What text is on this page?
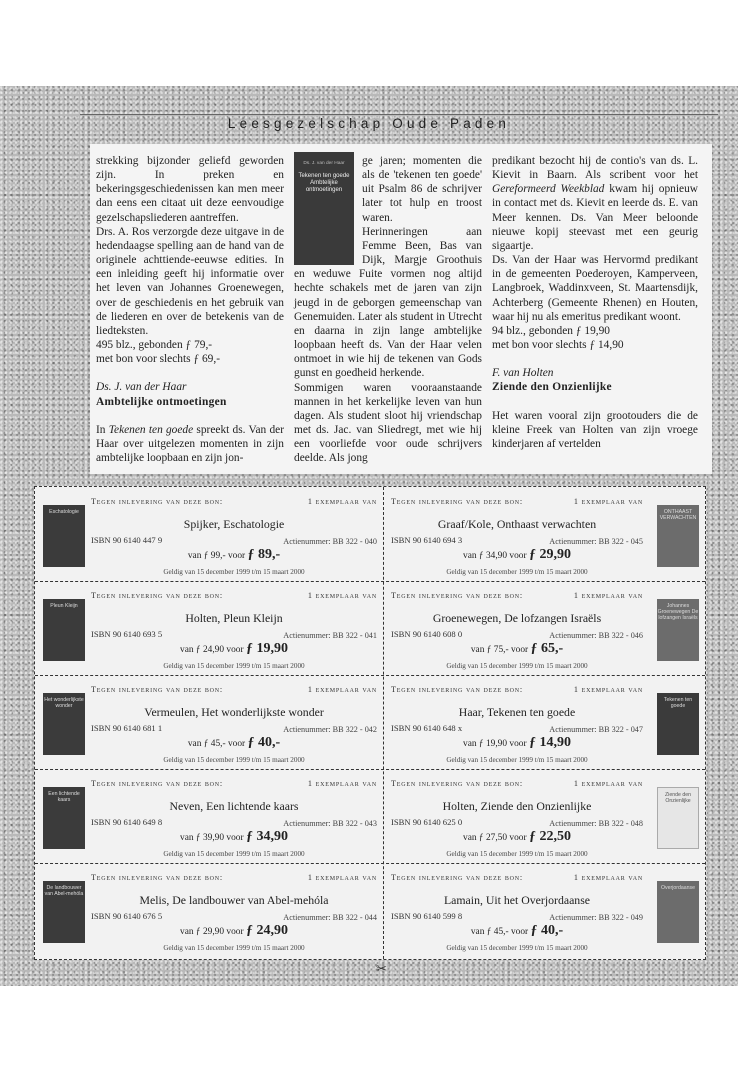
Leesgezelschap Oude Paden

strekking bijzonder geliefd geworden zijn. In preken en bekeringsgeschiedenissen kan men meer dan eens een citaat uit deze eenvoudige gezelschapsliederen aantreffen.

Drs. A. Ros verzorgde deze uitgave in de hedendaagse spelling aan de hand van de originele achttiende-eeuwse edities. In een inleiding geeft hij informatie over het leven van Johannes Groenewegen, over de geschiedenis en het gebruik van de liederen en over de betekenis van de liedteksten.

495 blz., gebonden ƒ 79,-

met bon voor slechts ƒ 69,-

Ds. J. van der Haar

Ambtelijke ontmoetingen

In Tekenen ten goede spreekt ds. Van der Haar over uitgelezen momenten in zijn ambtelijke loopbaan en zijn jon-

Ds. J. van der Haar
Tekenen ten goede Ambtelijke ontmoetingen

ge jaren; momenten die als de 'tekenen ten goede' uit Psalm 86 de schrijver later tot hulp en troost waren.

Herinneringen aan Femme Been, Bas van Dijk, Margje Groothuis en weduwe Fuite vormen nog altijd hechte schakels met de jaren van zijn jeugd in de geborgen gemeenschap van Genemuiden. Later als student in Utrecht en daarna in zijn lange ambtelijke loopbaan heeft ds. Van der Haar velen ontmoet in wie hij de tekenen van Gods gunst en goedheid herkende.

Sommigen waren vooraanstaande mannen in het kerkelijke leven van hun dagen. Als student sloot hij vriendschap met ds. Jac. van Sliedregt, met wie hij een voorliefde voor oude schrijvers deelde. Als jong

predikant bezocht hij de contio's van ds. L. Kievit in Baarn. Als scribent voor het Gereformeerd Weekblad kwam hij opnieuw in contact met ds. Kievit en leerde ds. E. van Meer kennen. Ds. Van Meer beloonde nieuwe kopij steevast met een geurig sigaartje.

Ds. Van der Haar was Hervormd predikant in de gemeenten Poederoyen, Kamperveen, Langbroek, Waddinxveen, St. Maartensdijk, Achterberg (Gemeente Rhenen) en Houten, waar hij nu als emeritus predikant woont.

94 blz., gebonden ƒ 19,90

met bon voor slechts ƒ 14,90

F. van Holten

Ziende den Onzienlijke

Het waren vooral zijn grootouders die de kleine Freek van Holten van zijn vroege kinderjaren af vertelden

Tegen inlevering van deze bon:	1 exemplaar van
Spijker, Eschatologie
ISBN 90 6140 447 9	Actienummer: BB 322 - 040
van ƒ 99,- voor ƒ 89,-
Geldig van 15 december 1999 t/m 15 maart 2000
Eschatologie
Tegen inlevering van deze bon:	1 exemplaar van
Graaf/Kole, Onthaast verwachten
ISBN 90 6140 694 3	Actienummer: BB 322 - 045
van ƒ 34,90 voor ƒ 29,90
Geldig van 15 december 1999 t/m 15 maart 2000
ONTHAAST VERWACHTEN
Tegen inlevering van deze bon:	1 exemplaar van
Holten, Pleun Kleijn
ISBN 90 6140 693 5	Actienummer: BB 322 - 041
van ƒ 24,90 voor ƒ 19,90
Geldig van 15 december 1999 t/m 15 maart 2000
Pleun Kleijn
Tegen inlevering van deze bon:	1 exemplaar van
Groenewegen, De lofzangen Israëls
ISBN 90 6140 608 0	Actienummer: BB 322 - 046
van ƒ 75,- voor ƒ 65,-
Geldig van 15 december 1999 t/m 15 maart 2000
Johannes Groenewegen De lofzangen Israëls
Tegen inlevering van deze bon:	1 exemplaar van
Vermeulen, Het wonderlijkste wonder
ISBN 90 6140 681 1	Actienummer: BB 322 - 042
van ƒ 45,- voor ƒ 40,-
Geldig van 15 december 1999 t/m 15 maart 2000
Het wonderlijkste wonder
Tegen inlevering van deze bon:	1 exemplaar van
Haar, Tekenen ten goede
ISBN 90 6140 648 x	Actienummer: BB 322 - 047
van ƒ 19,90 voor ƒ 14,90
Geldig van 15 december 1999 t/m 15 maart 2000
Tekenen ten goede
Tegen inlevering van deze bon:	1 exemplaar van
Neven, Een lichtende kaars
ISBN 90 6140 649 8	Actienummer: BB 322 - 043
van ƒ 39,90 voor ƒ 34,90
Geldig van 15 december 1999 t/m 15 maart 2000
Een lichtende kaars
Tegen inlevering van deze bon:	1 exemplaar van
Holten, Ziende den Onzienlijke
ISBN 90 6140 625 0	Actienummer: BB 322 - 048
van ƒ 27,50 voor ƒ 22,50
Geldig van 15 december 1999 t/m 15 maart 2000
Ziende den Onzienlijke
Tegen inlevering van deze bon:	1 exemplaar van
Melis, De landbouwer van Abel-mehóla
ISBN 90 6140 676 5	Actienummer: BB 322 - 044
van ƒ 29,90 voor ƒ 24,90
Geldig van 15 december 1999 t/m 15 maart 2000
De landbouwer van Abel-mehóla
Tegen inlevering van deze bon:	1 exemplaar van
Lamain, Uit het Overjordaanse
ISBN 90 6140 599 8	Actienummer: BB 322 - 049
van ƒ 45,- voor ƒ 40,-
Geldig van 15 december 1999 t/m 15 maart 2000
Overjordaanse
✂
